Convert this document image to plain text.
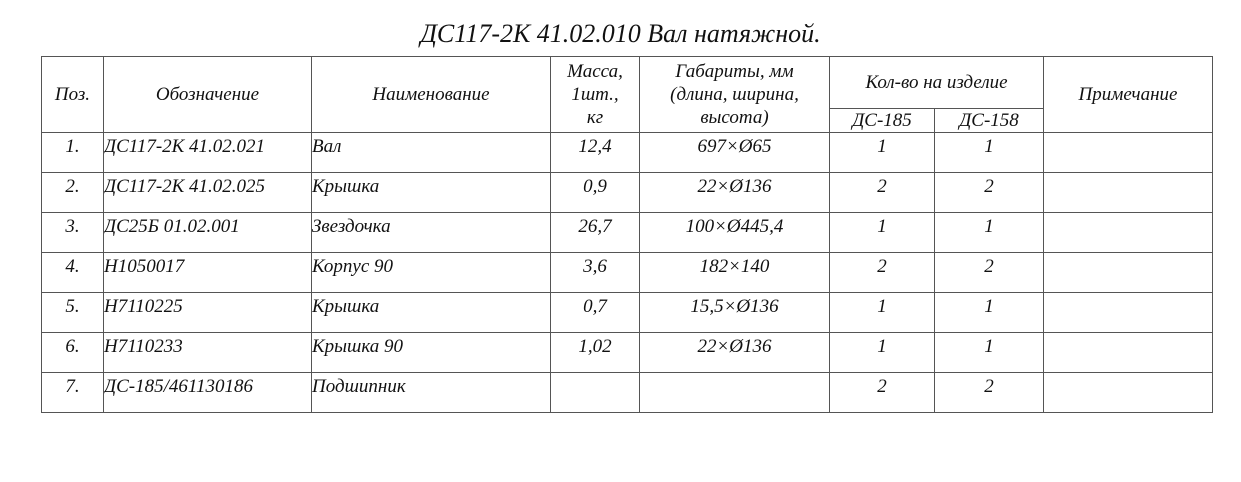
ДС117-2К 41.02.010 Вал натяжной.
Поз.	Обозначение	Наименование	Масса,
1шт.,
кг	Габариты, мм
(длина, ширина,
высота)	Кол-во на изделие		Примечание
					ДС-185	ДС-158	
1.	ДС117-2К 41.02.021	Вал	12,4	697×Ø65	1	1	
2.	ДС117-2К 41.02.025	Крышка	0,9	22×Ø136	2	2	
3.	ДС25Б 01.02.001	Звездочка	26,7	100×Ø445,4	1	1	
4.	Н1050017	Корпус 90	3,6	182×140	2	2	
5.	Н7110225	Крышка	0,7	15,5×Ø136	1	1	
6.	Н7110233	Крышка 90	1,02	22×Ø136	1	1	
7.	ДС-185/461130186	Подшипник			2	2	
